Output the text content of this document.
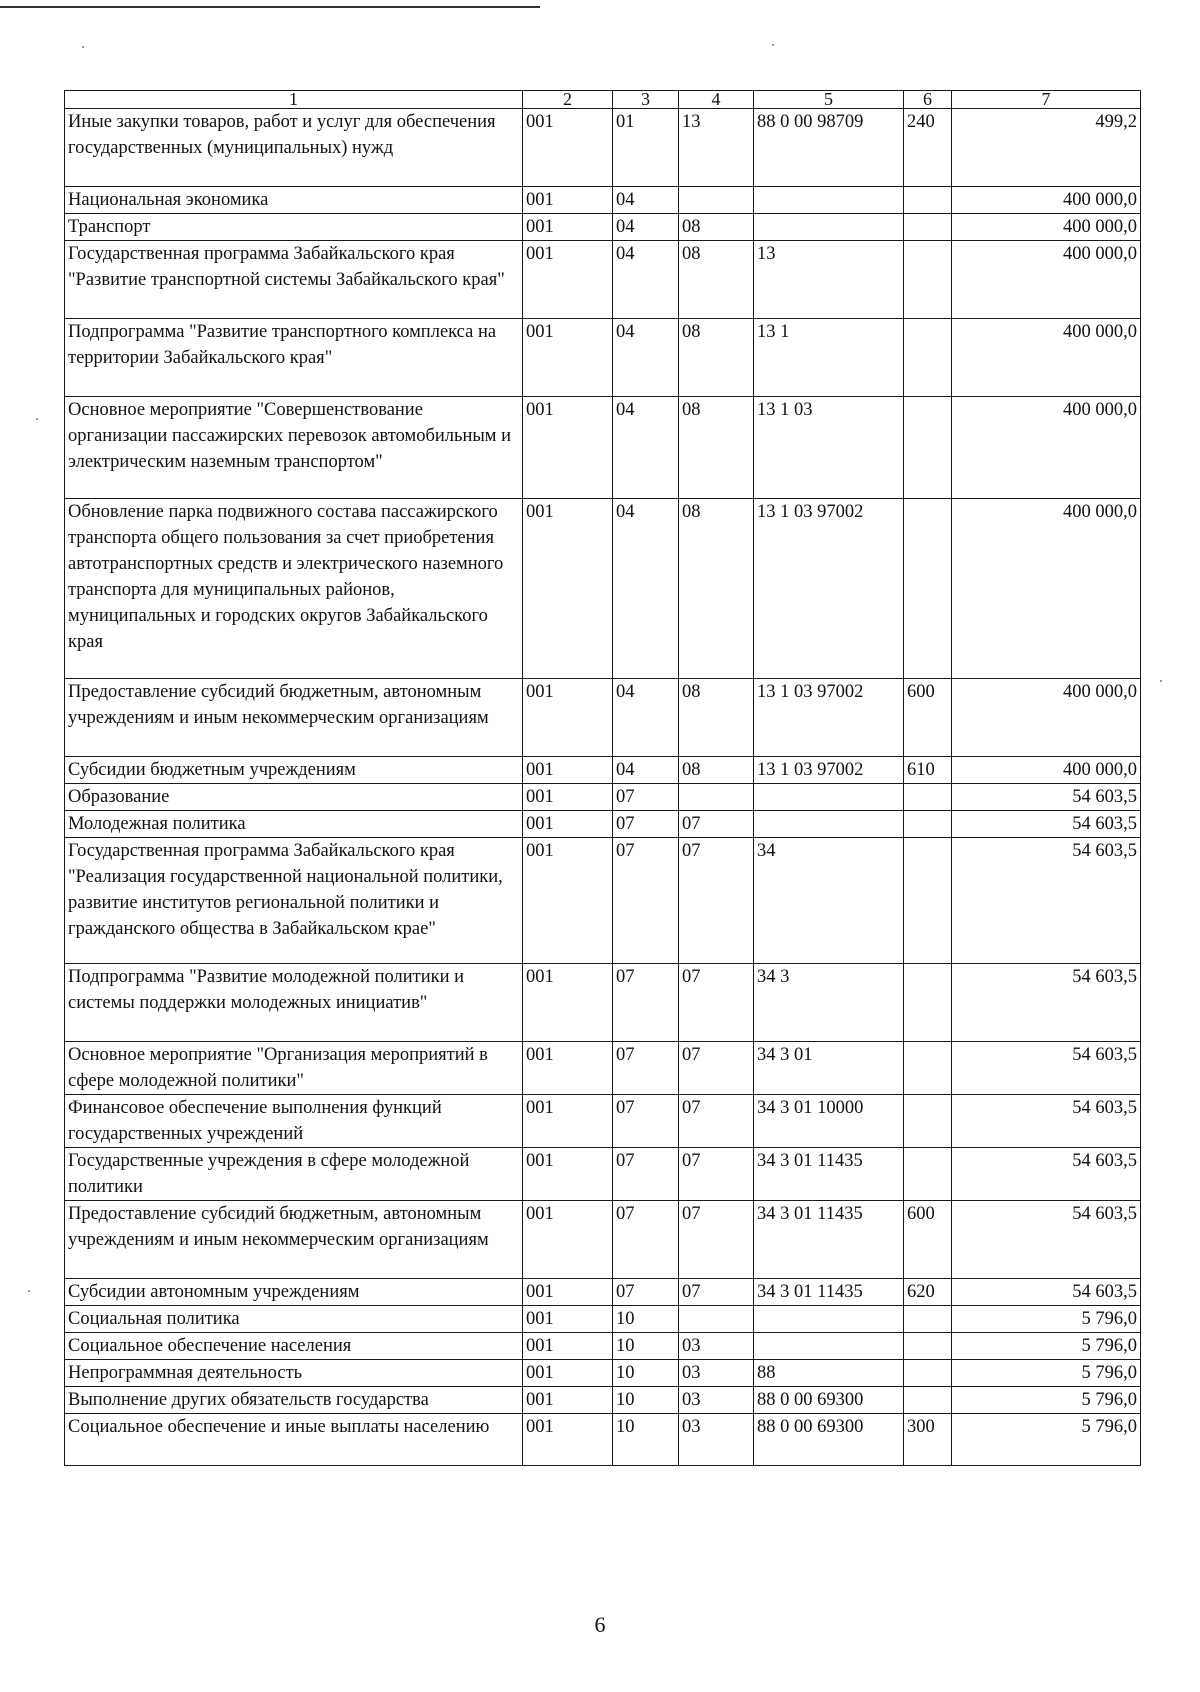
1	2	3	4	5	6	7
Иные закупки товаров, работ и услуг для обеспечения государственных (муниципальных) нужд	001	01	13	88 0 00 98709	240	499,2
Национальная экономика	001	04				400 000,0
Транспорт	001	04	08			400 000,0
Государственная программа Забайкальского края "Развитие транспортной системы Забайкальского края"	001	04	08	13		400 000,0
Подпрограмма "Развитие транспортного комплекса на территории Забайкальского края"	001	04	08	13 1		400 000,0
Основное мероприятие "Совершенствование организации пассажирских перевозок автомобильным и электрическим наземным транспортом"	001	04	08	13 1 03		400 000,0
Обновление парка подвижного состава пассажирского транспорта общего пользования за счет приобретения автотранспортных средств и электрического наземного транспорта для муниципальных районов, муниципальных и городских округов Забайкальского края	001	04	08	13 1 03 97002		400 000,0
Предоставление субсидий бюджетным, автономным учреждениям и иным некоммерческим организациям	001	04	08	13 1 03 97002	600	400 000,0
Субсидии бюджетным учреждениям	001	04	08	13 1 03 97002	610	400 000,0
Образование	001	07				54 603,5
Молодежная политика	001	07	07			54 603,5
Государственная программа Забайкальского края "Реализация государственной национальной политики, развитие институтов региональной политики и гражданского общества в Забайкальском крае"	001	07	07	34		54 603,5
Подпрограмма "Развитие молодежной политики и системы поддержки молодежных инициатив"	001	07	07	34 3		54 603,5
Основное мероприятие "Организация мероприятий в сфере молодежной политики"	001	07	07	34 3 01		54 603,5
Финансовое обеспечение выполнения функций государственных учреждений	001	07	07	34 3 01 10000		54 603,5
Государственные учреждения в сфере молодежной политики	001	07	07	34 3 01 11435		54 603,5
Предоставление субсидий бюджетным, автономным учреждениям и иным некоммерческим организациям	001	07	07	34 3 01 11435	600	54 603,5
Субсидии автономным учреждениям	001	07	07	34 3 01 11435	620	54 603,5
Социальная политика	001	10				5 796,0
Социальное обеспечение населения	001	10	03			5 796,0
Непрограммная деятельность	001	10	03	88		5 796,0
Выполнение других обязательств государства	001	10	03	88 0 00 69300		5 796,0
Социальное обеспечение и иные выплаты населению	001	10	03	88 0 00 69300	300	5 796,0
6
